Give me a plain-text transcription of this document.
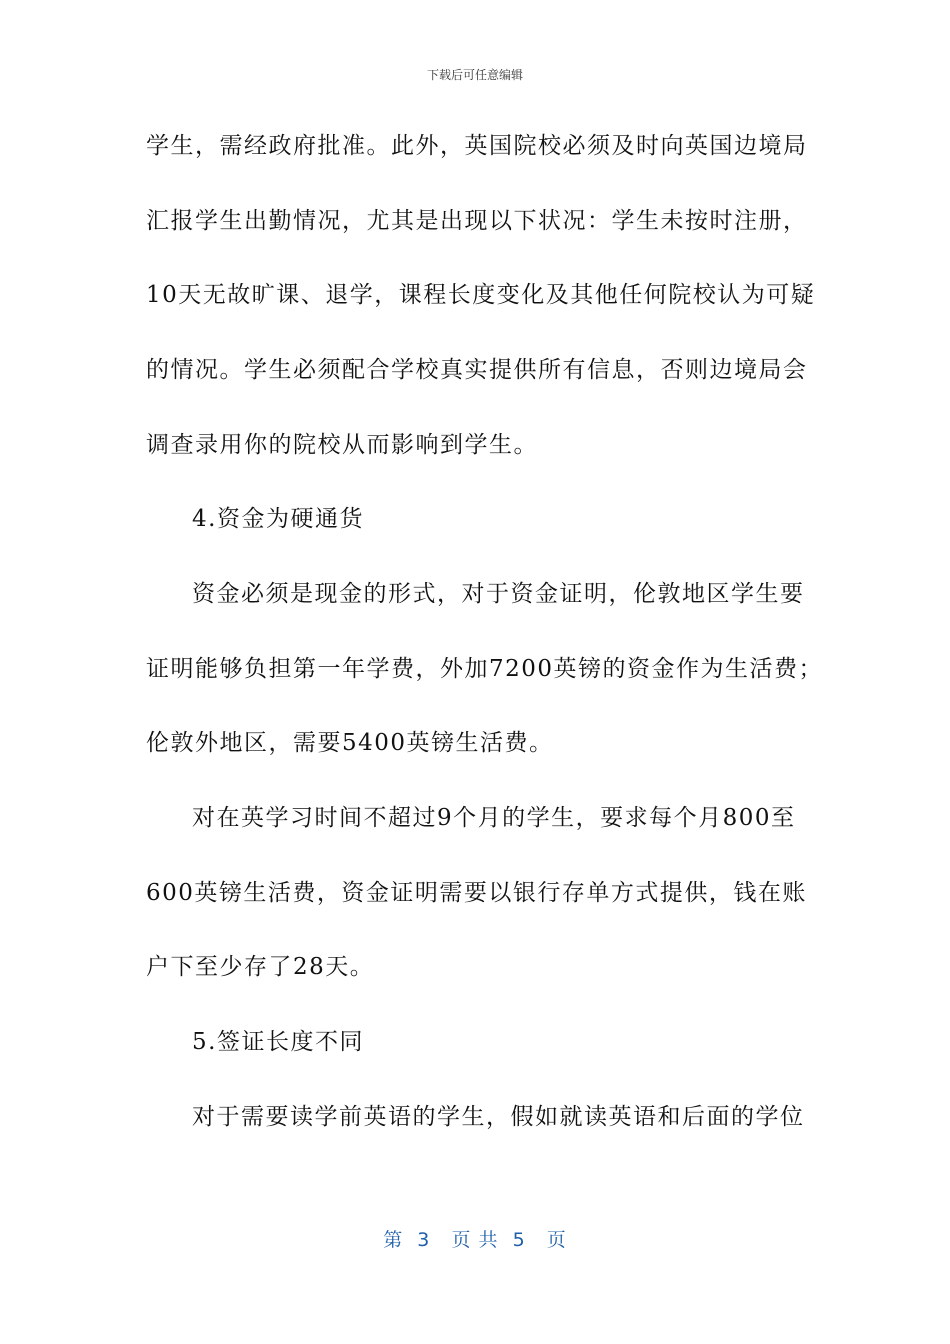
下载后可任意编辑
学生，需经政府批准。此外，英国院校必须及时向英国边境局
汇报学生出勤情况，尤其是出现以下状况：学生未按时注册，
10天无故旷课、退学，课程长度变化及其他任何院校认为可疑
的情况。学生必须配合学校真实提供所有信息，否则边境局会
调查录用你的院校从而影响到学生。
4.资金为硬通货
资金必须是现金的形式，对于资金证明，伦敦地区学生要
证明能够负担第一年学费，外加7200英镑的资金作为生活费；
伦敦外地区，需要5400英镑生活费。
对在英学习时间不超过9个月的学生，要求每个月800至
600英镑生活费，资金证明需要以银行存单方式提供，钱在账
户下至少存了28天。
5.签证长度不同
对于需要读学前英语的学生，假如就读英语和后面的学位
第  3   页 共  5   页
